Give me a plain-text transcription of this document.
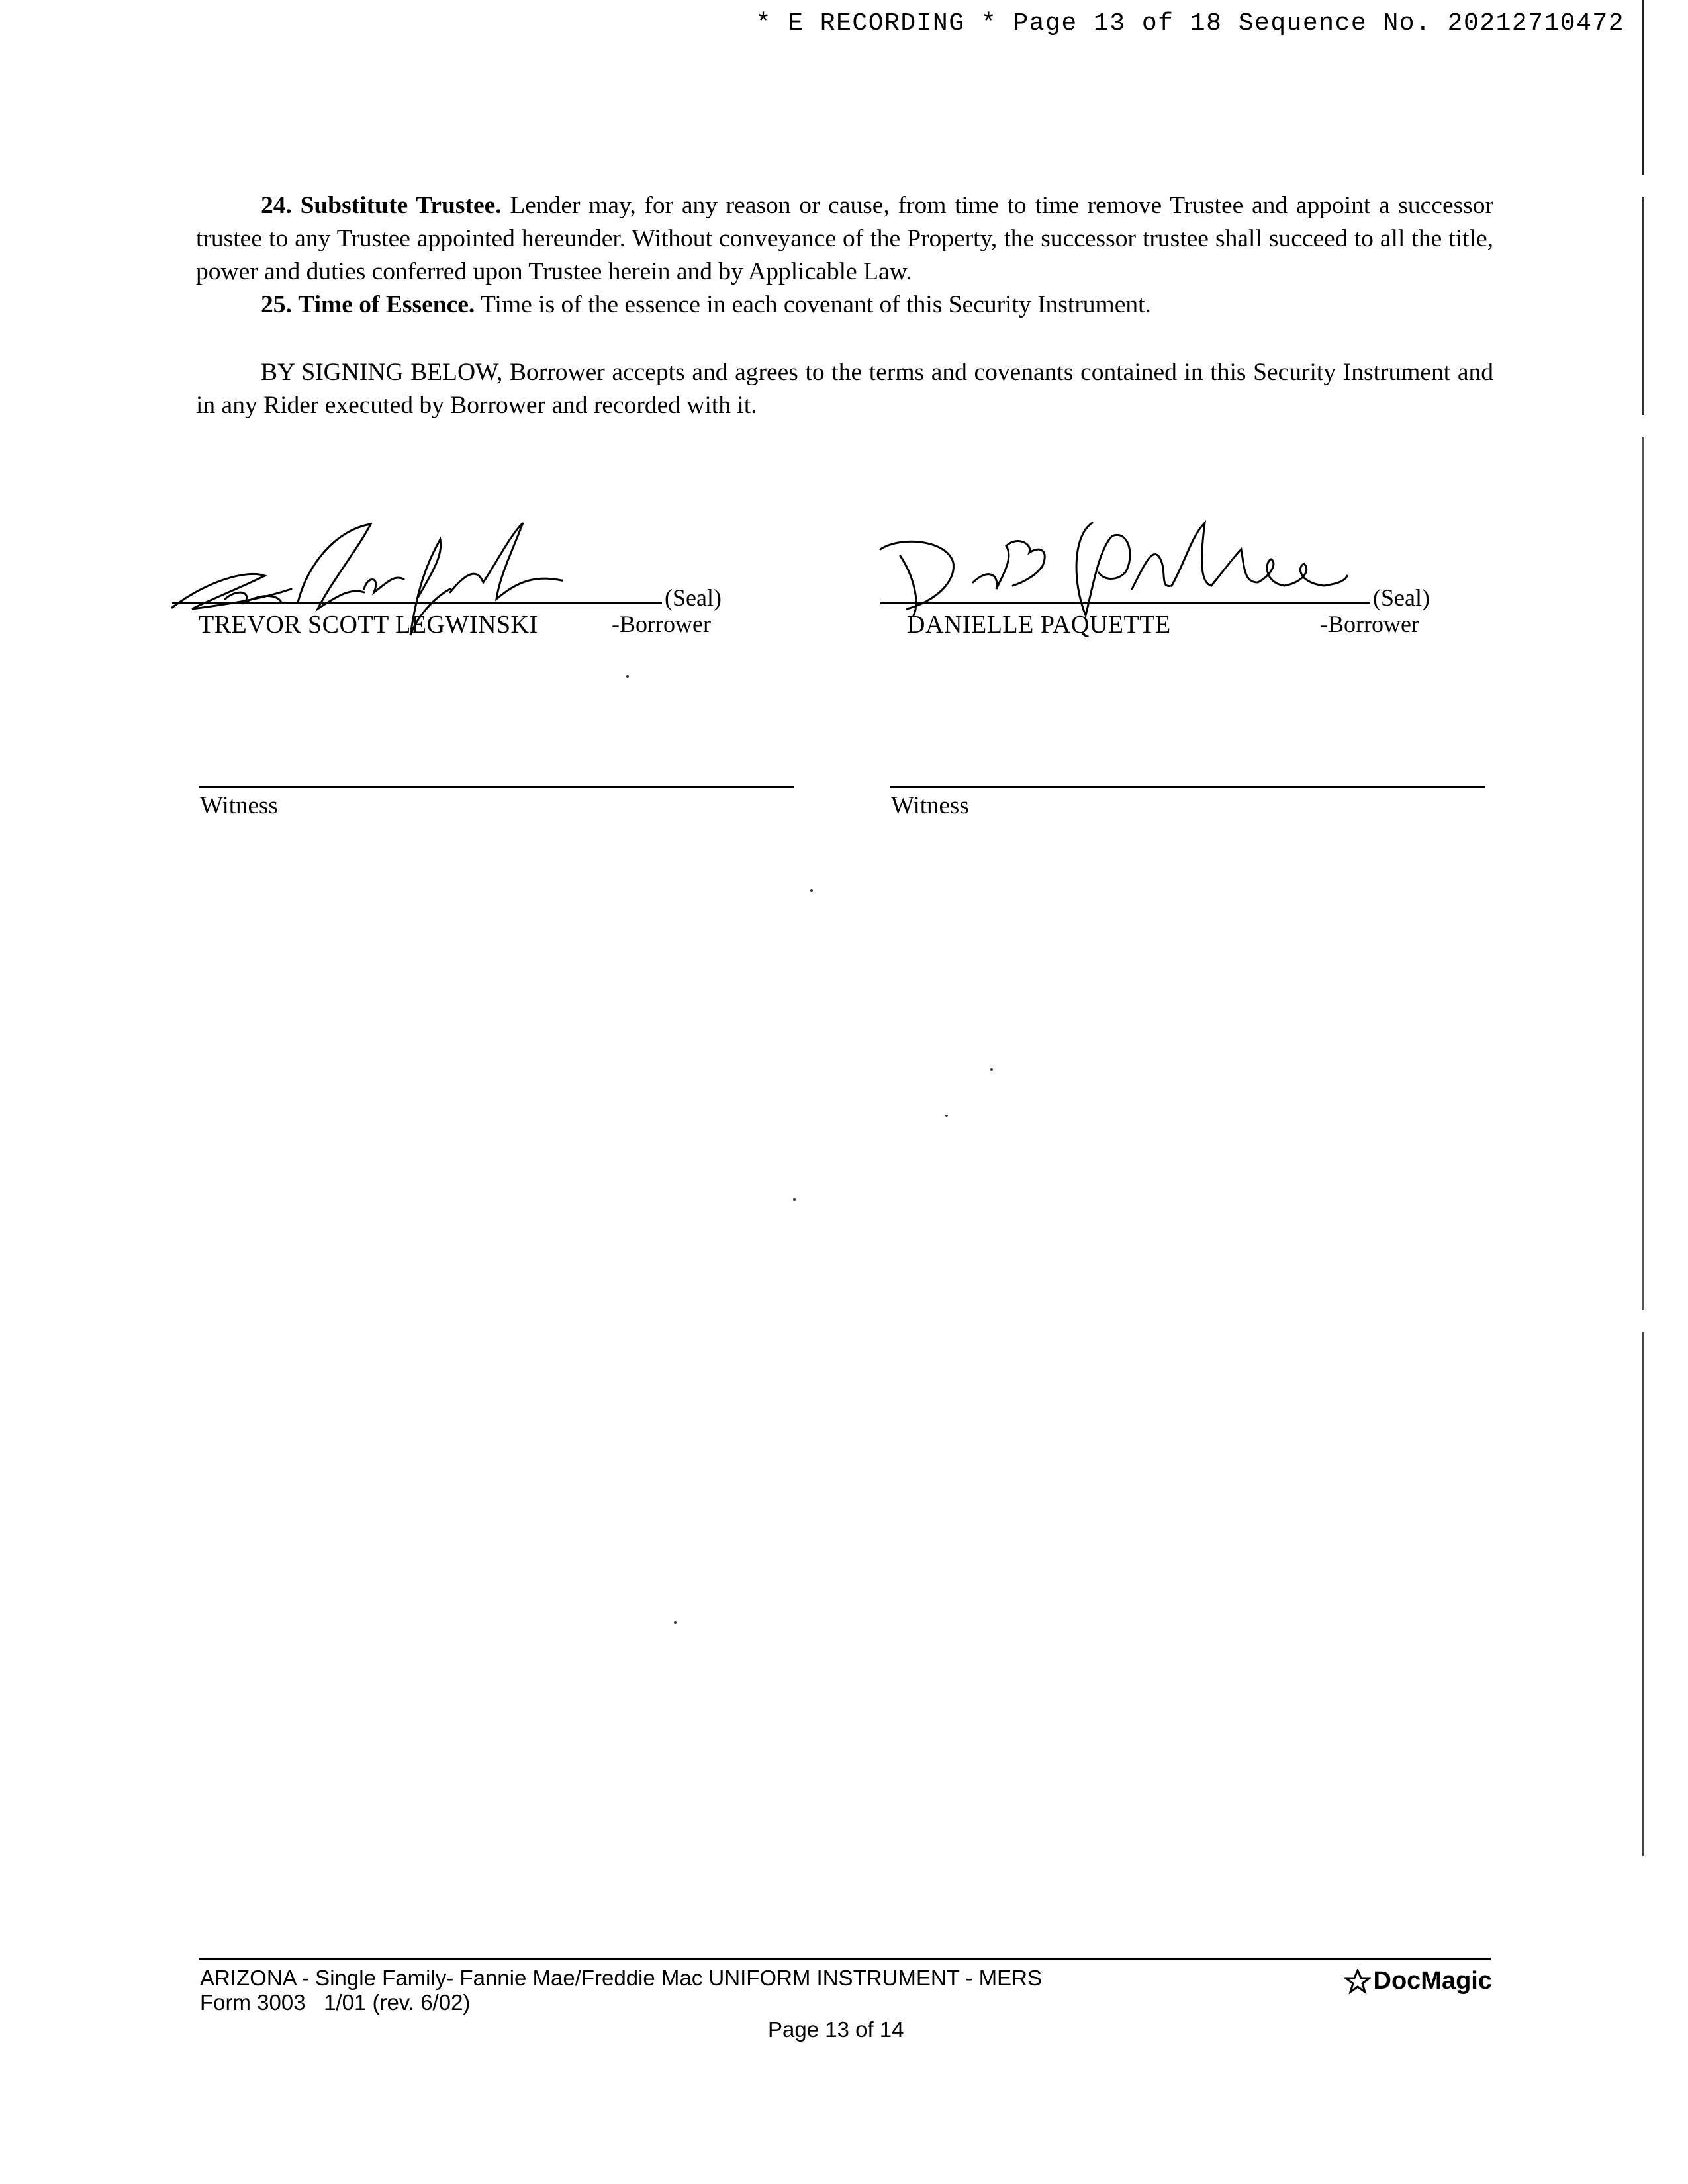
* E RECORDING * Page 13 of 18 Sequence No. 20212710472

24. Substitute Trustee. Lender may, for any reason or cause, from time to time remove Trustee and appoint a successor trustee to any Trustee appointed hereunder. Without conveyance of the Property, the successor trustee shall succeed to all the title, power and duties conferred upon Trustee herein and by Applicable Law.

25. Time of Essence. Time is of the essence in each covenant of this Security Instrument.

BY SIGNING BELOW, Borrower accepts and agrees to the terms and covenants contained in this Security Instrument and in any Rider executed by Borrower and recorded with it.

(Seal)
TREVOR SCOTT LEGWINSKI	-Borrower
(Seal)
DANIELLE PAQUETTE	-Borrower
Witness	Witness
ARIZONA - Single Family- Fannie Mae/Freddie Mac UNIFORM INSTRUMENT - MERS
Form 3003   1/01 (rev. 6/02)
DocMagic
Page 13 of 14
